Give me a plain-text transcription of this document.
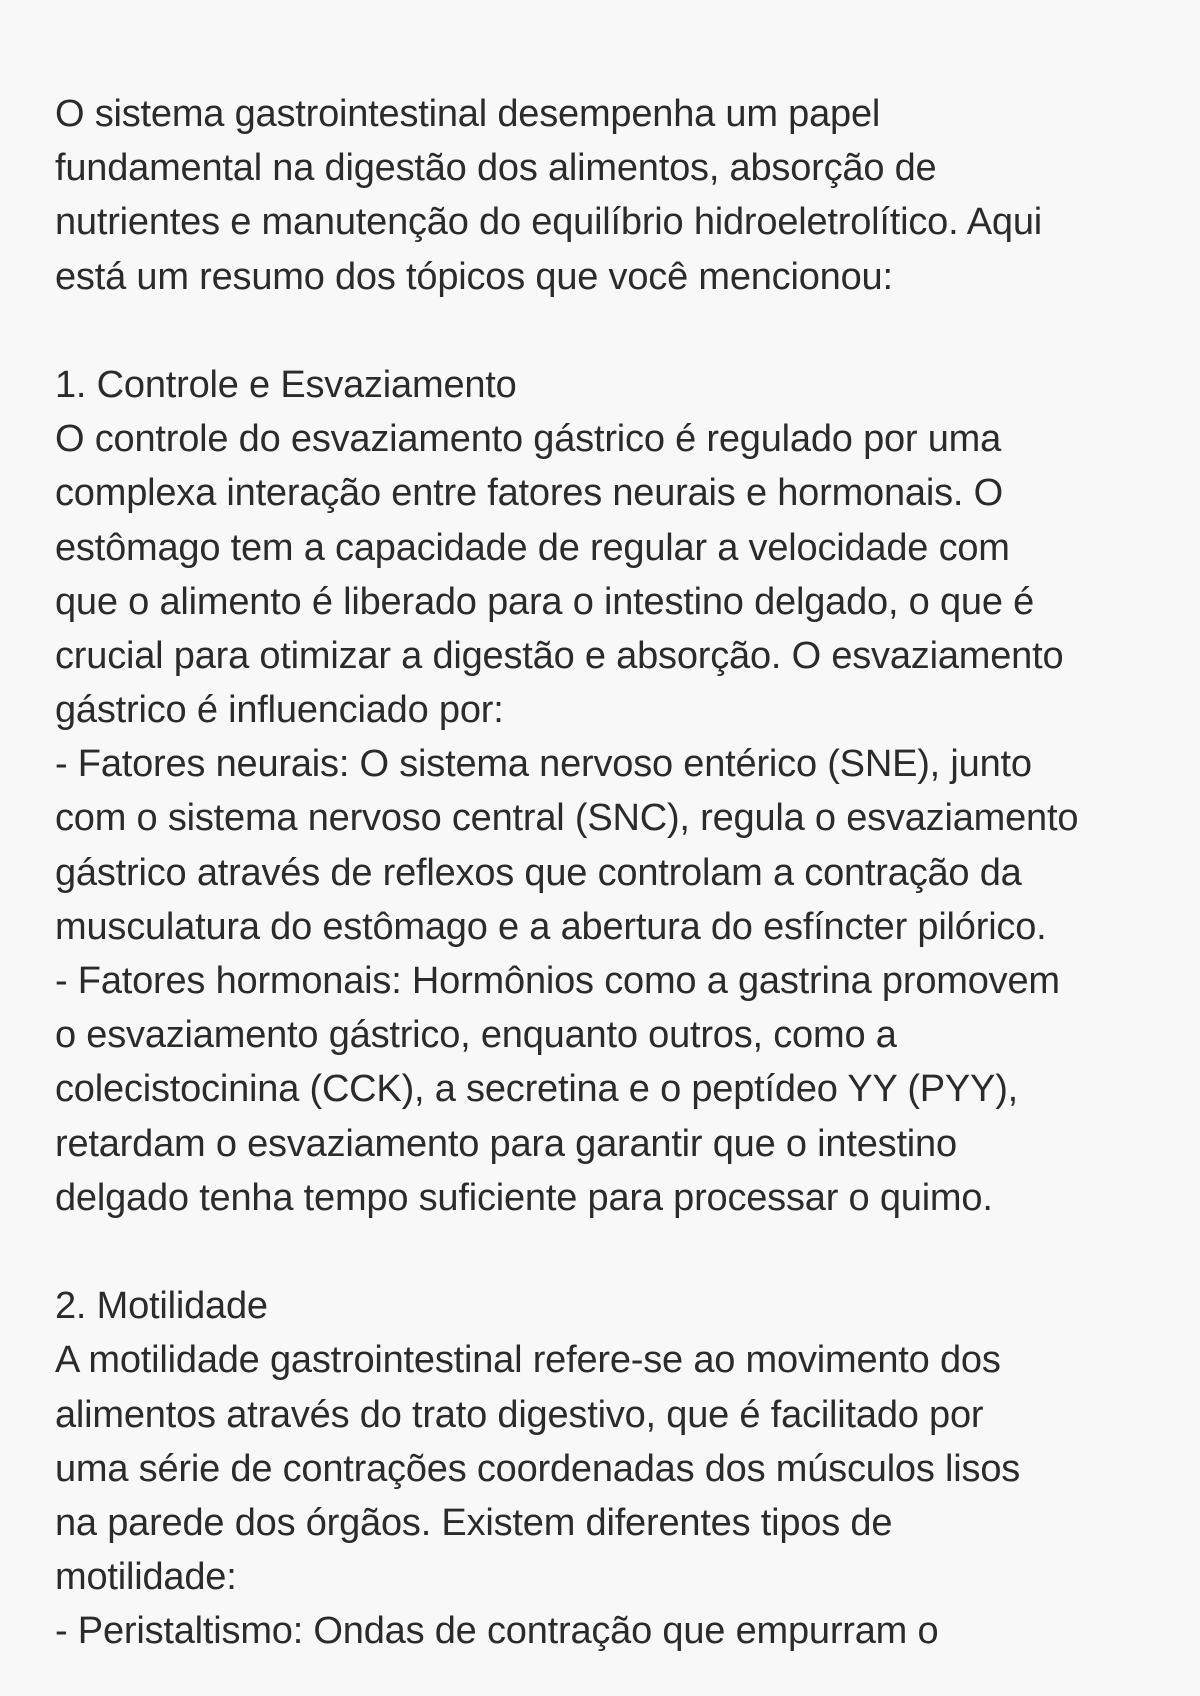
O sistema gastrointestinal desempenha um papel
fundamental na digestão dos alimentos, absorção de
nutrientes e manutenção do equilíbrio hidroeletrolítico. Aqui
está um resumo dos tópicos que você mencionou:
1. Controle e Esvaziamento
O controle do esvaziamento gástrico é regulado por uma
complexa interação entre fatores neurais e hormonais. O
estômago tem a capacidade de regular a velocidade com
que o alimento é liberado para o intestino delgado, o que é
crucial para otimizar a digestão e absorção. O esvaziamento
gástrico é influenciado por:
- Fatores neurais: O sistema nervoso entérico (SNE), junto
com o sistema nervoso central (SNC), regula o esvaziamento
gástrico através de reflexos que controlam a contração da
musculatura do estômago e a abertura do esfíncter pilórico.
- Fatores hormonais: Hormônios como a gastrina promovem
o esvaziamento gástrico, enquanto outros, como a
colecistocinina (CCK), a secretina e o peptídeo YY (PYY),
retardam o esvaziamento para garantir que o intestino
delgado tenha tempo suficiente para processar o quimo.
2. Motilidade
A motilidade gastrointestinal refere-se ao movimento dos
alimentos através do trato digestivo, que é facilitado por
uma série de contrações coordenadas dos músculos lisos
na parede dos órgãos. Existem diferentes tipos de
motilidade:
- Peristaltismo: Ondas de contração que empurram o
